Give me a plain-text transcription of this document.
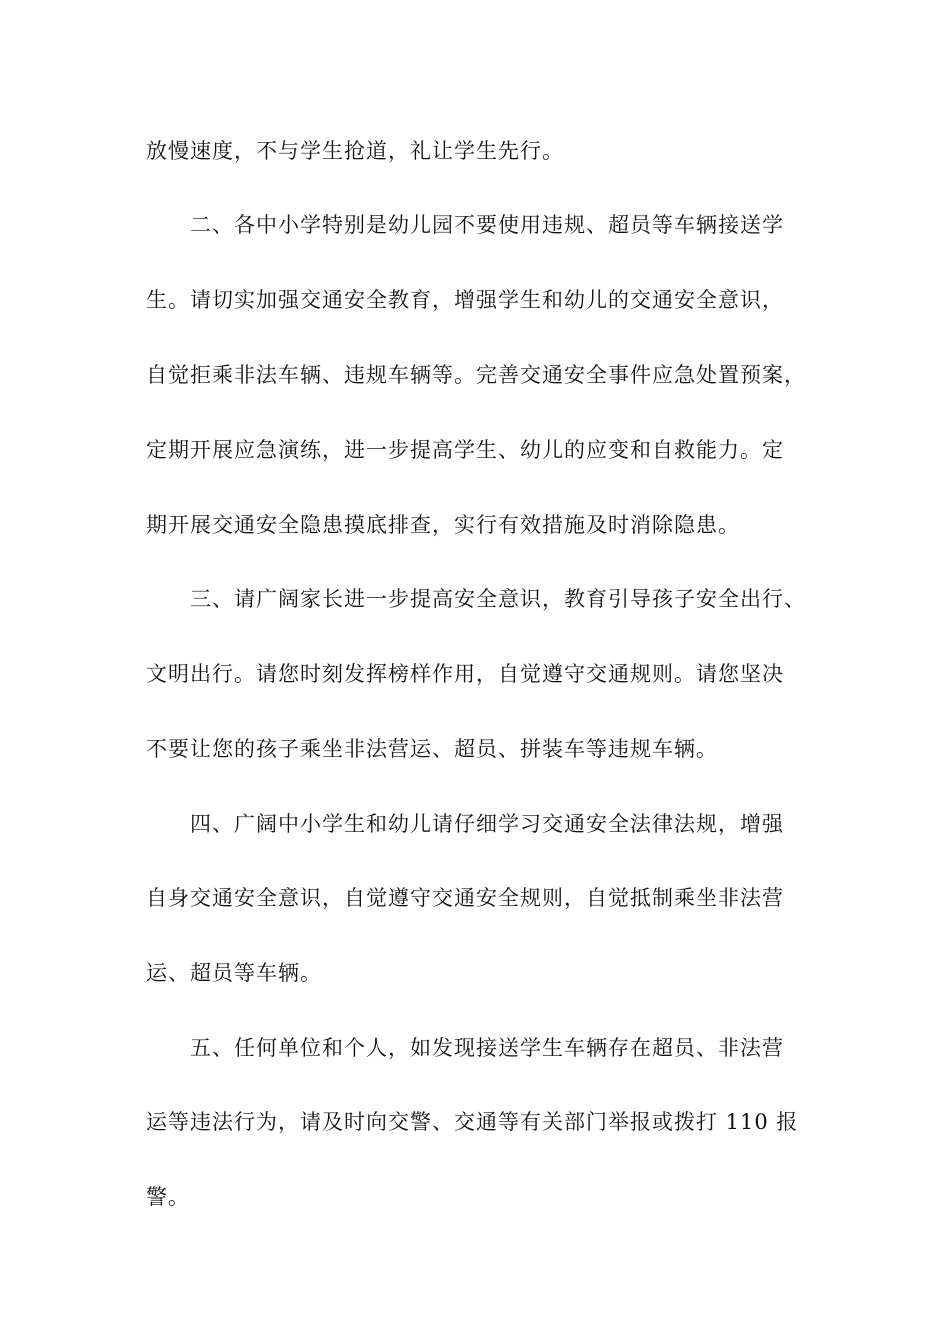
放慢速度，不与学生抢道，礼让学生先行。

二、各中小学特别是幼儿园不要使用违规、超员等车辆接送学

生。请切实加强交通安全教育，增强学生和幼儿的交通安全意识，

自觉拒乘非法车辆、违规车辆等。完善交通安全事件应急处置预案，

定期开展应急演练，进一步提高学生、幼儿的应变和自救能力。定

期开展交通安全隐患摸底排查，实行有效措施及时消除隐患。

三、请广阔家长进一步提高安全意识，教育引导孩子安全出行、

文明出行。请您时刻发挥榜样作用，自觉遵守交通规则。请您坚决

不要让您的孩子乘坐非法营运、超员、拼装车等违规车辆。

四、广阔中小学生和幼儿请仔细学习交通安全法律法规，增强

自身交通安全意识，自觉遵守交通安全规则，自觉抵制乘坐非法营

运、超员等车辆。

五、任何单位和个人，如发现接送学生车辆存在超员、非法营

运等违法行为，请及时向交警、交通等有关部门举报或拨打 110 报

警。
